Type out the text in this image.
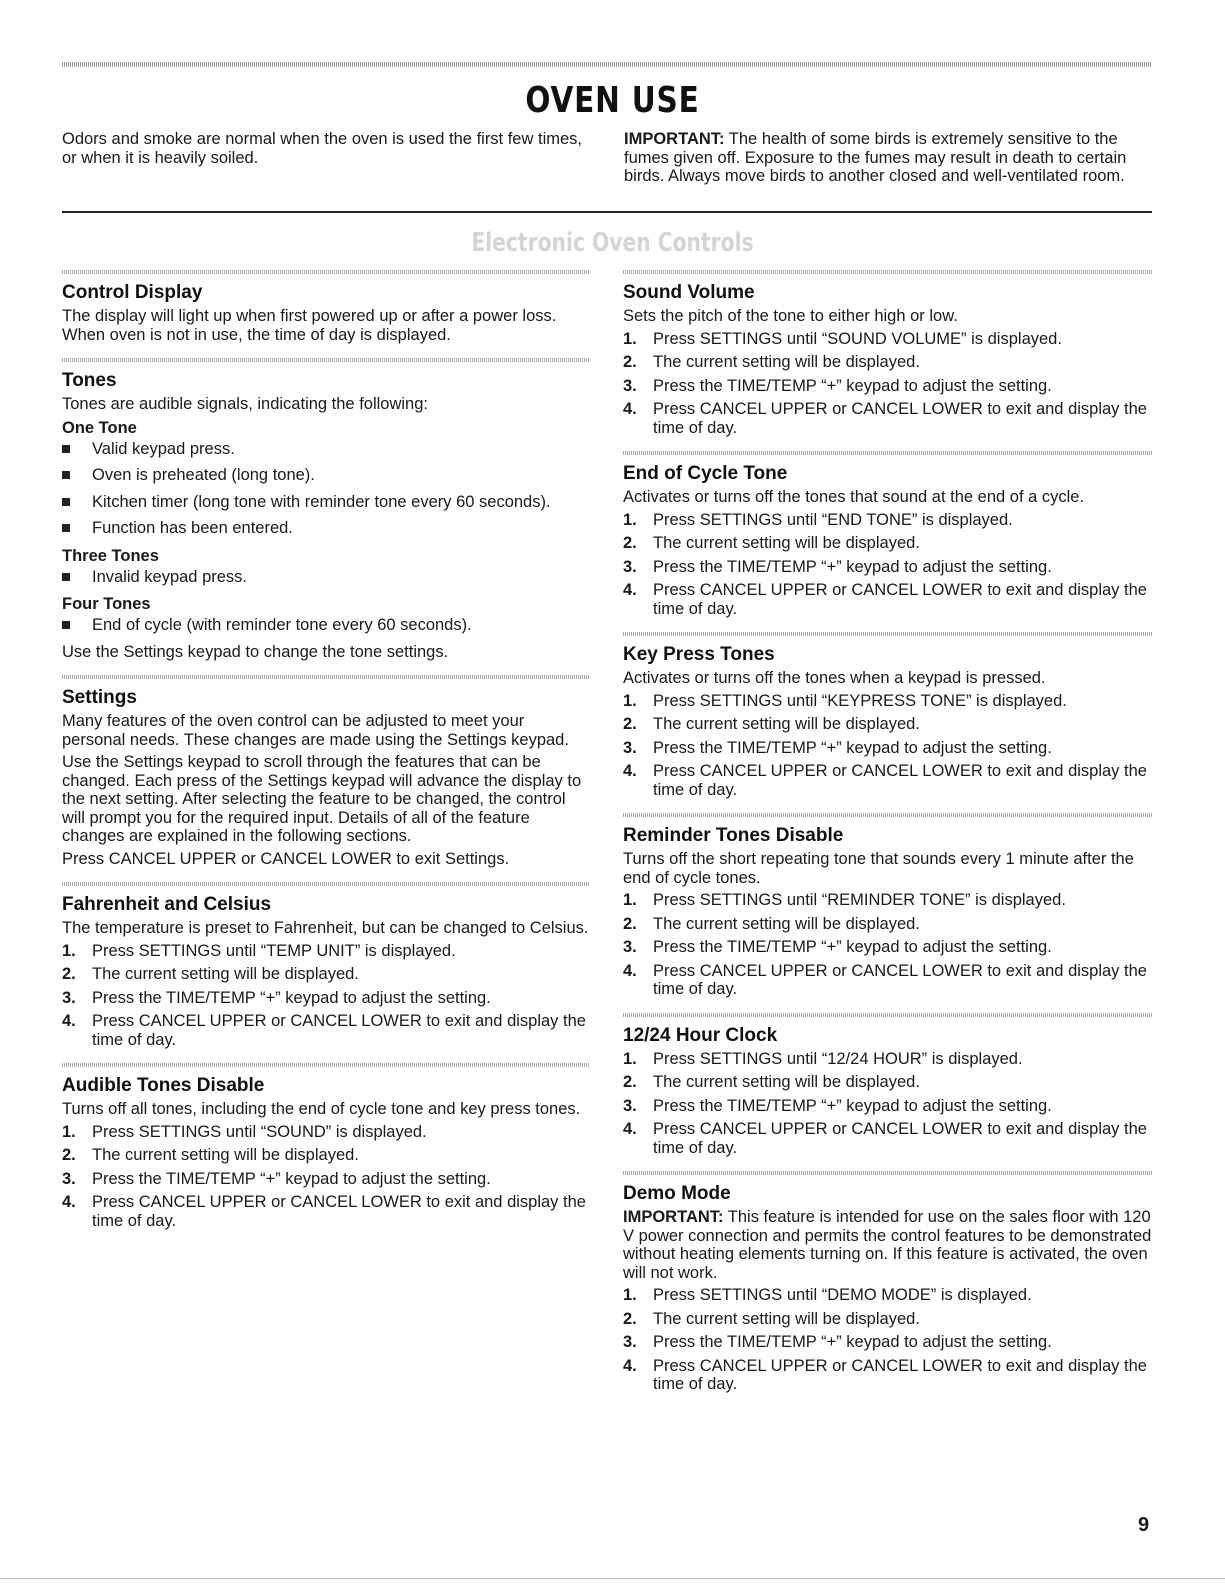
OVEN USE
Odors and smoke are normal when the oven is used the first few times, or when it is heavily soiled.
IMPORTANT: The health of some birds is extremely sensitive to the fumes given off. Exposure to the fumes may result in death to certain birds. Always move birds to another closed and well-ventilated room.
Electronic Oven Controls
Control Display

The display will light up when first powered up or after a power loss. When oven is not in use, the time of day is displayed.

Tones

Tones are audible signals, indicating the following:

One Tone
Valid keypad press.
Oven is preheated (long tone).
Kitchen timer (long tone with reminder tone every 60 seconds).
Function has been entered.
Three Tones
Invalid keypad press.
Four Tones
End of cycle (with reminder tone every 60 seconds).

Use the Settings keypad to change the tone settings.

Settings

Many features of the oven control can be adjusted to meet your personal needs. These changes are made using the Settings keypad.

Use the Settings keypad to scroll through the features that can be changed. Each press of the Settings keypad will advance the display to the next setting. After selecting the feature to be changed, the control will prompt you for the required input. Details of all of the feature changes are explained in the following sections.

Press CANCEL UPPER or CANCEL LOWER to exit Settings.

Fahrenheit and Celsius

The temperature is preset to Fahrenheit, but can be changed to Celsius.

1. Press SETTINGS until “TEMP UNIT” is displayed.
2. The current setting will be displayed.
3. Press the TIME/TEMP “+” keypad to adjust the setting.
4. Press CANCEL UPPER or CANCEL LOWER to exit and display the time of day.
Audible Tones Disable

Turns off all tones, including the end of cycle tone and key press tones.

1. Press SETTINGS until “SOUND” is displayed.
2. The current setting will be displayed.
3. Press the TIME/TEMP “+” keypad to adjust the setting.
4. Press CANCEL UPPER or CANCEL LOWER to exit and display the time of day.
Sound Volume

Sets the pitch of the tone to either high or low.

1. Press SETTINGS until “SOUND VOLUME” is displayed.
2. The current setting will be displayed.
3. Press the TIME/TEMP “+” keypad to adjust the setting.
4. Press CANCEL UPPER or CANCEL LOWER to exit and display the time of day.
End of Cycle Tone

Activates or turns off the tones that sound at the end of a cycle.

1. Press SETTINGS until “END TONE” is displayed.
2. The current setting will be displayed.
3. Press the TIME/TEMP “+” keypad to adjust the setting.
4. Press CANCEL UPPER or CANCEL LOWER to exit and display the time of day.
Key Press Tones

Activates or turns off the tones when a keypad is pressed.

1. Press SETTINGS until “KEYPRESS TONE” is displayed.
2. The current setting will be displayed.
3. Press the TIME/TEMP “+” keypad to adjust the setting.
4. Press CANCEL UPPER or CANCEL LOWER to exit and display the time of day.
Reminder Tones Disable

Turns off the short repeating tone that sounds every 1 minute after the end of cycle tones.

1. Press SETTINGS until “REMINDER TONE” is displayed.
2. The current setting will be displayed.
3. Press the TIME/TEMP “+” keypad to adjust the setting.
4. Press CANCEL UPPER or CANCEL LOWER to exit and display the time of day.
12/24 Hour Clock
1. Press SETTINGS until “12/24 HOUR” is displayed.
2. The current setting will be displayed.
3. Press the TIME/TEMP “+” keypad to adjust the setting.
4. Press CANCEL UPPER or CANCEL LOWER to exit and display the time of day.
Demo Mode

IMPORTANT: This feature is intended for use on the sales floor with 120 V power connection and permits the control features to be demonstrated without heating elements turning on. If this feature is activated, the oven will not work.

1. Press SETTINGS until “DEMO MODE” is displayed.
2. The current setting will be displayed.
3. Press the TIME/TEMP “+” keypad to adjust the setting.
4. Press CANCEL UPPER or CANCEL LOWER to exit and display the time of day.
9
